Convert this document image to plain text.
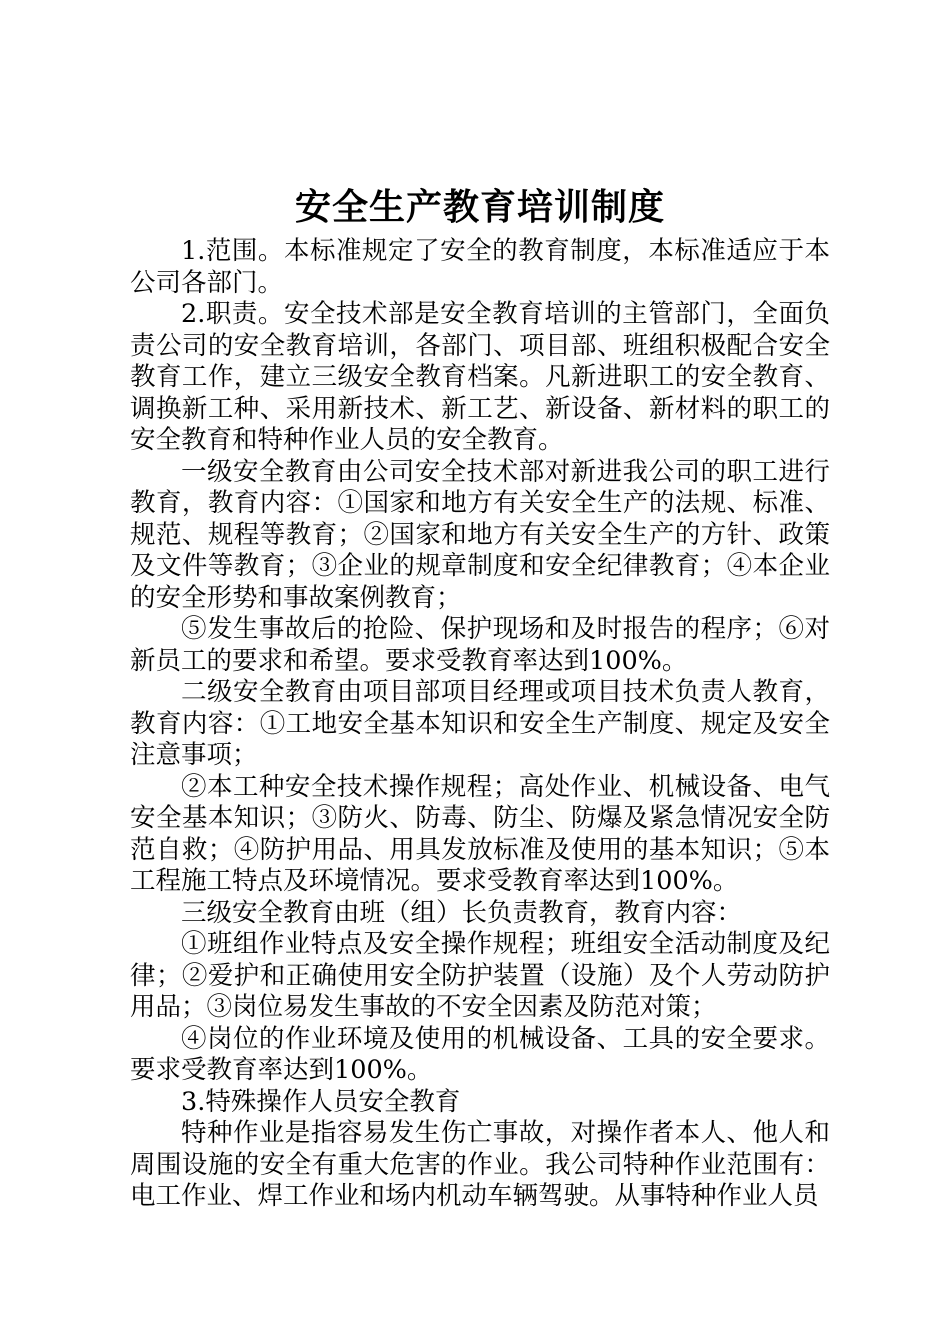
安全生产教育培训制度

1.范围。本标准规定了安全的教育制度，本标准适应于本公司各部门。

2.职责。安全技术部是安全教育培训的主管部门，全面负责公司的安全教育培训，各部门、项目部、班组积极配合安全教育工作，建立三级安全教育档案。凡新进职工的安全教育、调换新工种、采用新技术、新工艺、新设备、新材料的职工的安全教育和特种作业人员的安全教育。

一级安全教育由公司安全技术部对新进我公司的职工进行教育，教育内容：①国家和地方有关安全生产的法规、标准、规范、规程等教育；②国家和地方有关安全生产的方针、政策及文件等教育；③企业的规章制度和安全纪律教育；④本企业的安全形势和事故案例教育；

⑤发生事故后的抢险、保护现场和及时报告的程序；⑥对新员工的要求和希望。要求受教育率达到100%。

二级安全教育由项目部项目经理或项目技术负责人教育，教育内容：①工地安全基本知识和安全生产制度、规定及安全注意事项；

②本工种安全技术操作规程；高处作业、机械设备、电气安全基本知识；③防火、防毒、防尘、防爆及紧急情况安全防范自救；④防护用品、用具发放标准及使用的基本知识；⑤本工程施工特点及环境情况。要求受教育率达到100%。

三级安全教育由班（组）长负责教育，教育内容：

①班组作业特点及安全操作规程；班组安全活动制度及纪律；②爱护和正确使用安全防护装置（设施）及个人劳动防护用品；③岗位易发生事故的不安全因素及防范对策；

④岗位的作业环境及使用的机械设备、工具的安全要求。要求受教育率达到100%。

3.特殊操作人员安全教育

特种作业是指容易发生伤亡事故，对操作者本人、他人和周围设施的安全有重大危害的作业。我公司特种作业范围有：电工作业、焊工作业和场内机动车辆驾驶。从事特种作业人员
